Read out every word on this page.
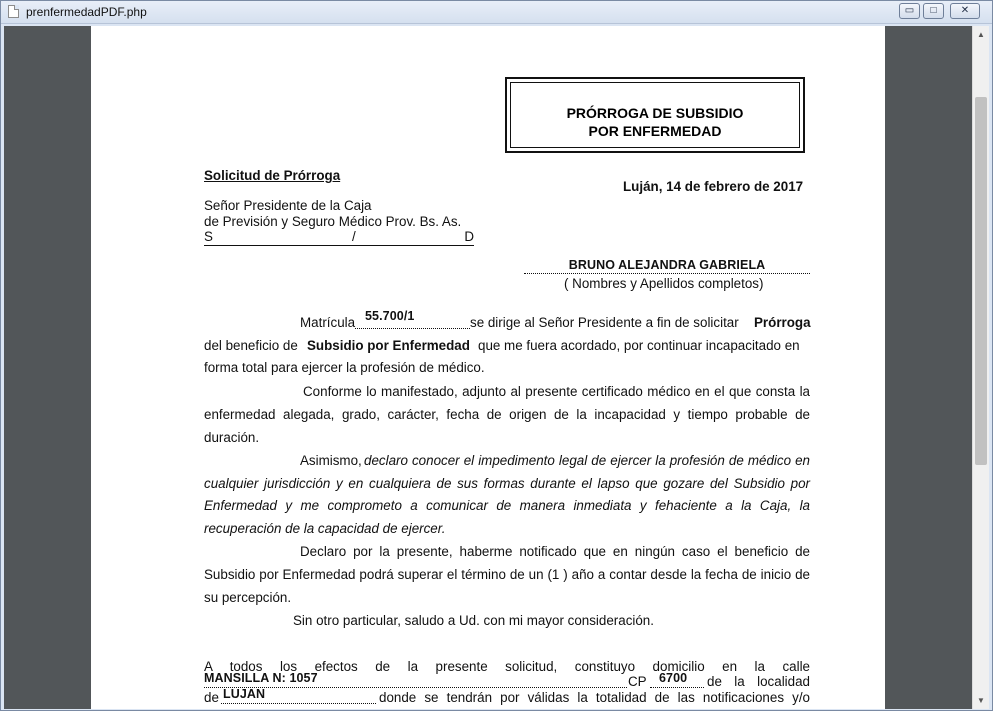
prenfermedadPDF.php	▭	□	✕
PRÓRROGA DE SUBSIDIO
POR ENFERMEDAD
Solicitud de Prórroga
Luján, 14 de febrero de 2017
Señor Presidente de la Caja
de Previsión y Seguro Médico Prov. Bs. As.
S	/	D
BRUNO ALEJANDRA GABRIELA
( Nombres y Apellidos completos)
Matrícula 55.700/1	se dirige al Señor Presidente a fin de solicitar Prórroga
del beneficio de Subsidio por Enfermedad que me fuera acordado, por continuar incapacitado en
forma total para ejercer la profesión de médico.
Conforme lo manifestado, adjunto al presente certificado médico en el que consta la
enfermedad alegada, grado, carácter, fecha de origen de la incapacidad y tiempo probable de
duración.
Asimismo, declaro conocer el impedimento legal de ejercer la profesión de médico en
cualquier jurisdicción y en cualquiera de sus formas durante el lapso que gozare del Subsidio por
Enfermedad y me comprometo a comunicar de manera inmediata y fehaciente a la Caja, la
recuperación de la capacidad de ejercer.
Declaro por la presente, haberme notificado que en ningún caso el beneficio de
Subsidio por Enfermedad podrá superar el término de un (1 ) año a contar desde la fecha de inicio de
su percepción.
Sin otro particular, saludo a Ud. con mi mayor consideración.
A todos los efectos de la presente solicitud, constituyo domicilio en la calle
MANSILLA N: 1057	CP 6700 de la localidad
de LUJAN	donde se tendrán por válidas la totalidad de las notificaciones y/o
▲
▼
